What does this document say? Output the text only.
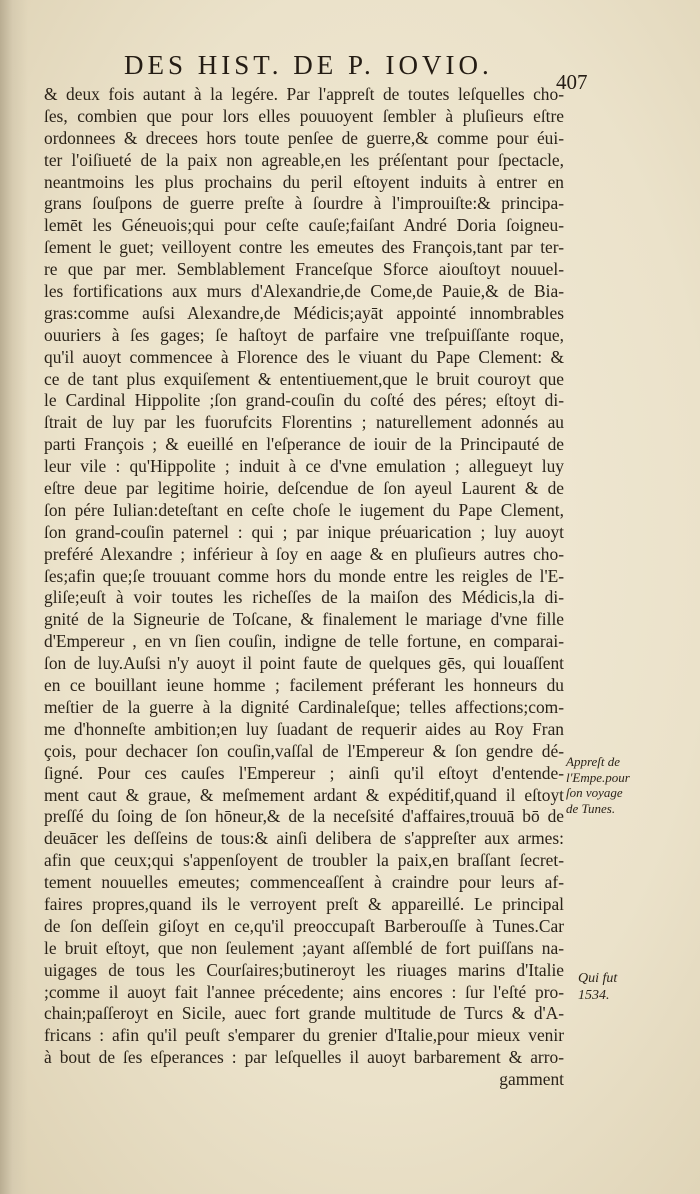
DES HIST. DE P. IOVIO.
407
& deux fois autant à la legére. Par l'appreſt de toutes leſquelles cho-
ſes, combien que pour lors elles pouuoyent ſembler à pluſieurs eſtre
ordonnees & drecees hors toute penſee de guerre,& comme pour éui-
ter l'oiſiueté de la paix non agreable,en les préſentant pour ſpectacle,
neantmoins les plus prochains du peril eſtoyent induits à entrer en
grans ſouſpons de guerre preſte à ſourdre à l'improuiſte:& principa-
lemēt les Géneuois;qui pour ceſte cauſe;faiſant André Doria ſoigneu-
ſement le guet; veilloyent contre les emeutes des François,tant par ter-
re que par mer. Semblablement Franceſque Sforce aiouſtoyt nouuel-
les fortifications aux murs d'Alexandrie,de Come,de Pauie,& de Bia-
gras:comme auſsi Alexandre,de Médicis;ayāt appointé innombrables
ouuriers à ſes gages; ſe haſtoyt de parfaire vne treſpuiſſante roque,
qu'il auoyt commencee à Florence des le viuant du Pape Clement: &
ce de tant plus exquiſement & ententiuement,que le bruit couroyt que
le Cardinal Hippolite ;ſon grand-couſin du coſté des péres; eſtoyt di-
ſtrait de luy par les fuorufcits Florentins ; naturellement adonnés au
parti François ; & eueillé en l'eſperance de iouir de la Principauté de
leur vile : qu'Hippolite ; induit à ce d'vne emulation ; allegueyt luy
eſtre deue par legitime hoirie, deſcendue de ſon ayeul Laurent & de
ſon pére Iulian:deteſtant en ceſte choſe le iugement du Pape Clement,
ſon grand-couſin paternel : qui ; par inique préuarication ; luy auoyt
preféré Alexandre ; inférieur à ſoy en aage & en pluſieurs autres cho-
ſes;afin que;ſe trouuant comme hors du monde entre les reigles de l'E-
gliſe;euſt à voir toutes les richeſſes de la maiſon des Médicis,la di-
gnité de la Signeurie de Toſcane, & finalement le mariage d'vne fille
d'Empereur , en vn ſien couſin, indigne de telle fortune, en comparai-
ſon de luy.Auſsi n'y auoyt il point faute de quelques gēs, qui louaſſent
en ce bouillant ieune homme ; facilement préferant les honneurs du
meſtier de la guerre à la dignité Cardinaleſque; telles affections;com-
me d'honneſte ambition;en luy ſuadant de requerir aides au Roy Fran
çois, pour dechacer ſon couſin,vaſſal de l'Empereur & ſon gendre dé-
ſigné. Pour ces cauſes l'Empereur ; ainſi qu'il eſtoyt d'entende-
ment caut & graue, & meſmement ardant & expéditif,quand il eſtoyt
preſſé du ſoing de ſon hōneur,& de la neceſsité d'affaires,trouuā bō de
deuācer les deſſeins de tous:& ainſi delibera de s'appreſter aux armes:
afin que ceux;qui s'appenſoyent de troubler la paix,en braſſant ſecret-
tement nouuelles emeutes; commenceaſſent à craindre pour leurs af-
faires propres,quand ils le verroyent preſt & appareillé. Le principal
de ſon deſſein giſoyt en ce,qu'il preoccupaſt Barberouſſe à Tunes.Car
le bruit eſtoyt, que non ſeulement ;ayant aſſemblé de fort puiſſans na-
uigages de tous les Courſaires;butineroyt les riuages marins d'Italie
;comme il auoyt fait l'annee précedente; ains encores : ſur l'eſté pro-
chain;paſſeroyt en Sicile, auec fort grande multitude de Turcs & d'A-
fricans : afin qu'il peuſt s'emparer du grenier d'Italie,pour mieux venir
à bout de ſes eſperances : par leſquelles il auoyt barbarement & arro-
gamment
Appreſt de
l'Empe.pour
ſon voyage
de Tunes.
Qui fut
1534.
